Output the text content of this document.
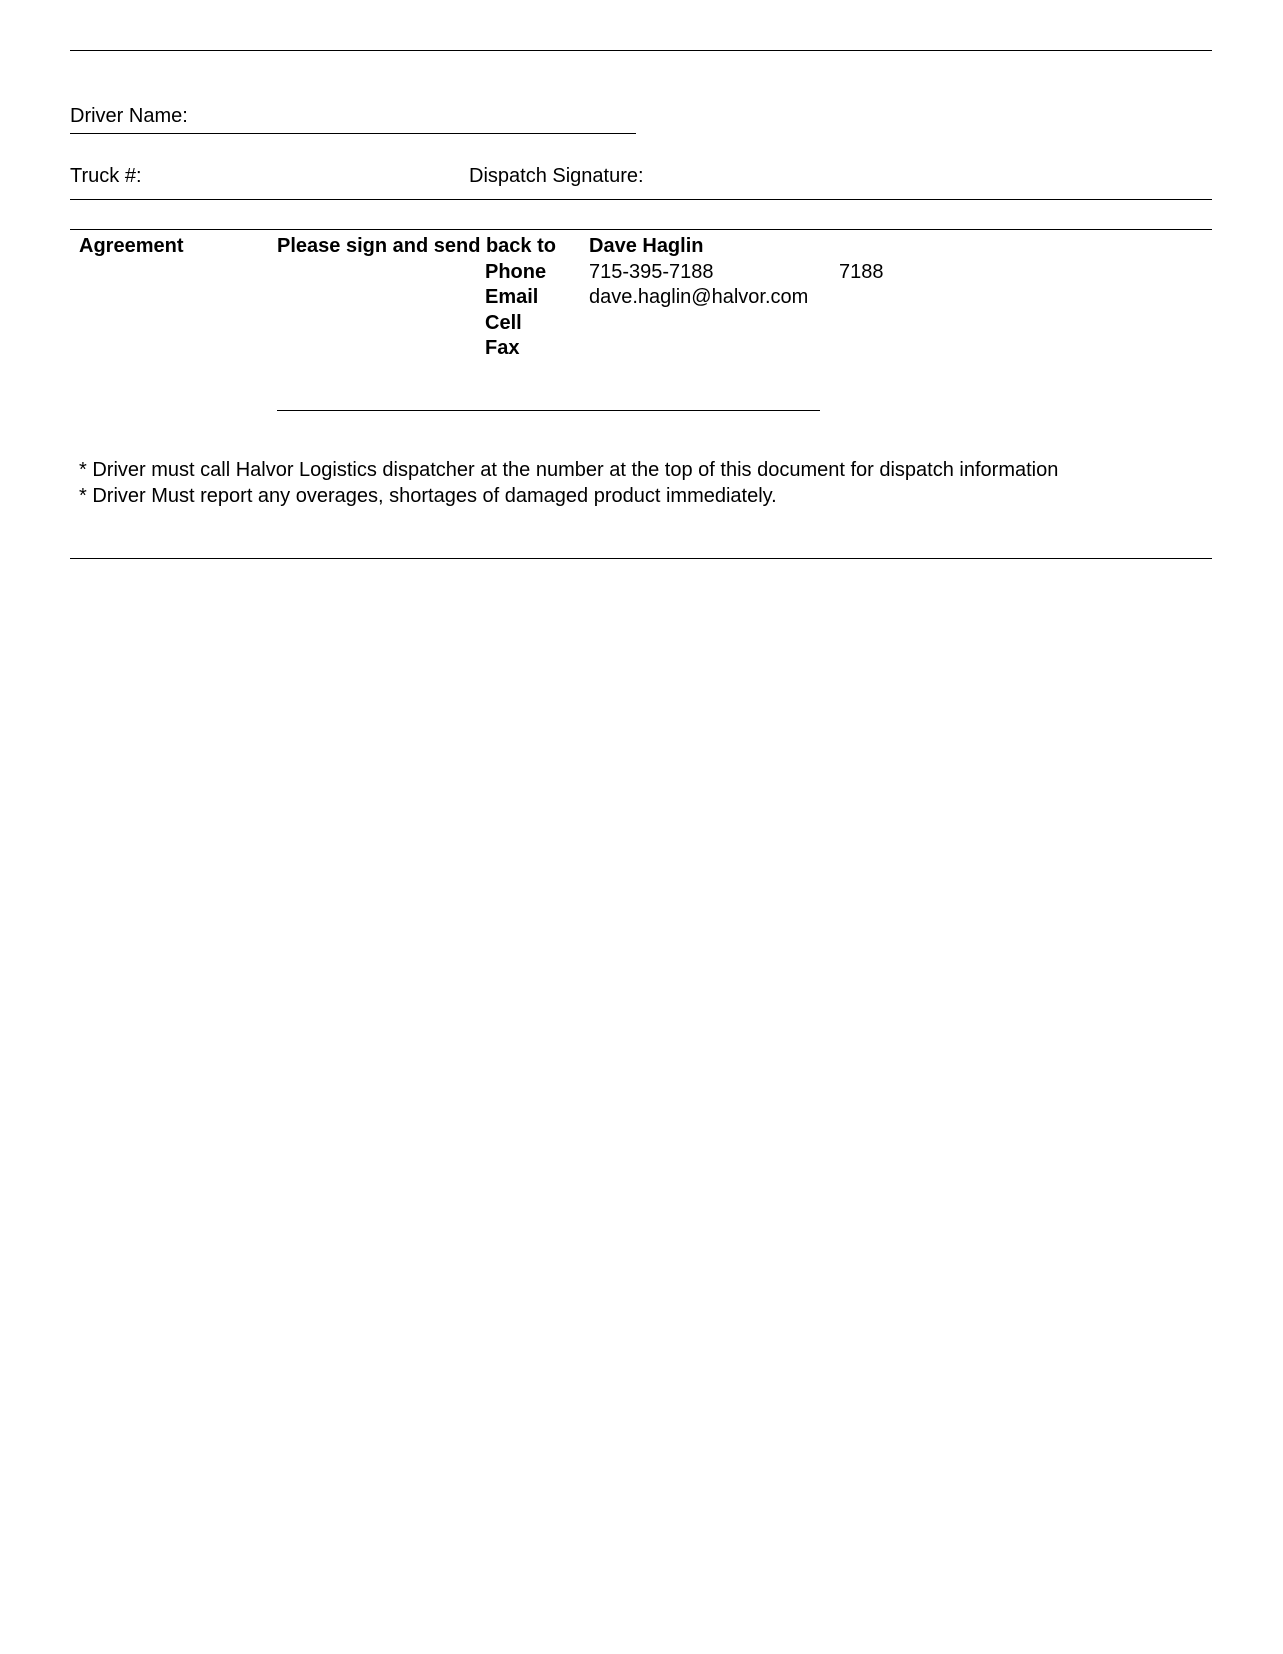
Driver Name:
Truck #:	Dispatch Signature:
Agreement	Please sign and send back to Dave Haglin
Phone 715-395-7188	7188
Email	dave.haglin@halvor.com
Cell
Fax
* Driver must call Halvor Logistics dispatcher at the number at the top of this document for dispatch information
* Driver Must report any overages, shortages of damaged product immediately.
